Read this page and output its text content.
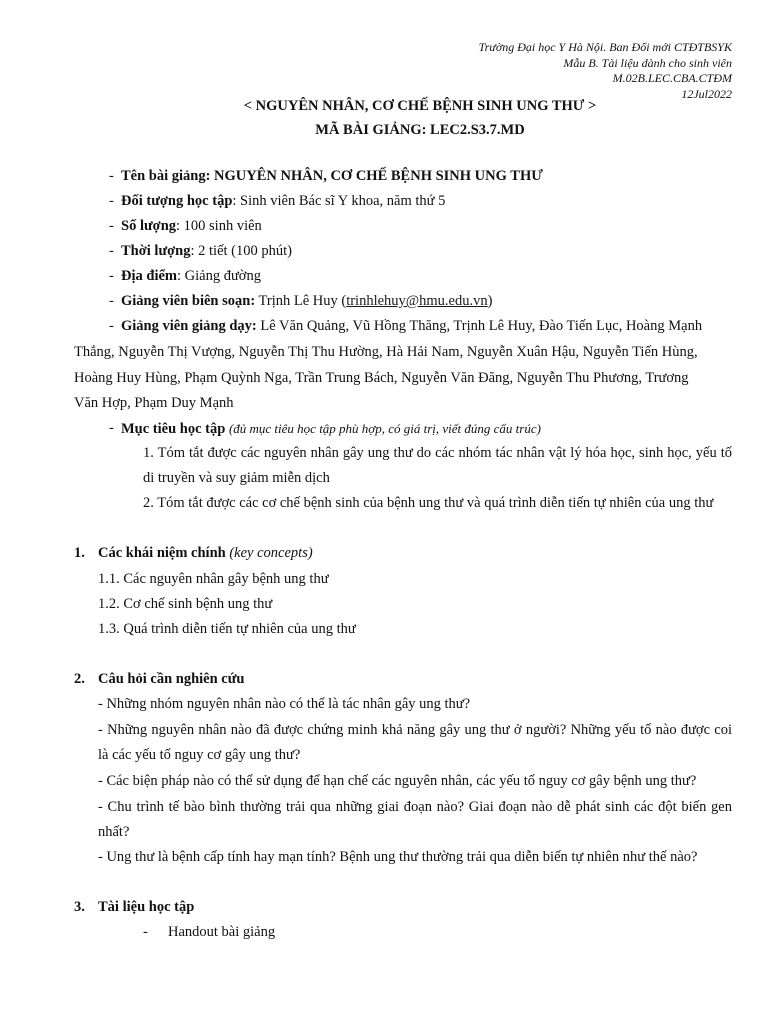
Trường Đại học Y Hà Nội. Ban Đổi mới CTĐTBSYK
Mẫu B. Tài liệu dành cho sinh viên
M.02B.LEC.CBA.CTĐM
12Jul2022
< NGUYÊN NHÂN, CƠ CHẾ BỆNH SINH UNG THƯ >
MÃ BÀI GIẢNG: LEC2.S3.7.MD
- Tên bài giảng: NGUYÊN NHÂN, CƠ CHẾ BỆNH SINH UNG THƯ
- Đối tượng học tập: Sinh viên Bác sĩ Y khoa, năm thứ 5
- Số lượng: 100 sinh viên
- Thời lượng: 2 tiết (100 phút)
- Địa điểm: Giảng đường
- Giảng viên biên soạn: Trịnh Lê Huy (trinhlehuy@hmu.edu.vn)
- Giảng viên giảng dạy: Lê Văn Quảng, Vũ Hồng Thăng, Trịnh Lê Huy, Đào Tiến Lục, Hoàng Mạnh
Thắng, Nguyễn Thị Vượng, Nguyễn Thị Thu Hường, Hà Hải Nam, Nguyễn Xuân Hậu, Nguyễn Tiến Hùng,
Hoàng Huy Hùng, Phạm Quỳnh Nga, Trần Trung Bách, Nguyễn Văn Đăng, Nguyễn Thu Phương, Trương
Văn Hợp, Phạm Duy Mạnh
- Mục tiêu học tập (đủ mục tiêu học tập phù hợp, có giá trị, viết đúng cấu trúc)
1. Tóm tắt được các nguyên nhân gây ung thư do các nhóm tác nhân vật lý hóa học, sinh học, yếu tố di truyền và suy giảm miễn dịch
2. Tóm tắt được các cơ chế bệnh sinh của bệnh ung thư và quá trình diễn tiến tự nhiên của ung thư
1. Các khái niệm chính (key concepts)
1.1. Các nguyên nhân gây bệnh ung thư
1.2. Cơ chế sinh bệnh ung thư
1.3. Quá trình diễn tiến tự nhiên của ung thư
2. Câu hỏi cần nghiên cứu
- Những nhóm nguyên nhân nào có thể là tác nhân gây ung thư?
- Những nguyên nhân nào đã được chứng minh khả năng gây ung thư ở người? Những yếu tố nào được coi là các yếu tố nguy cơ gây ung thư?
- Các biện pháp nào có thể sử dụng để hạn chế các nguyên nhân, các yếu tố nguy cơ gây bệnh ung thư?
- Chu trình tế bào bình thường trải qua những giai đoạn nào? Giai đoạn nào dễ phát sinh các đột biến gen nhất?
- Ung thư là bệnh cấp tính hay mạn tính? Bệnh ung thư thường trải qua diễn biến tự nhiên như thế nào?
3. Tài liệu học tập
- Handout bài giảng
